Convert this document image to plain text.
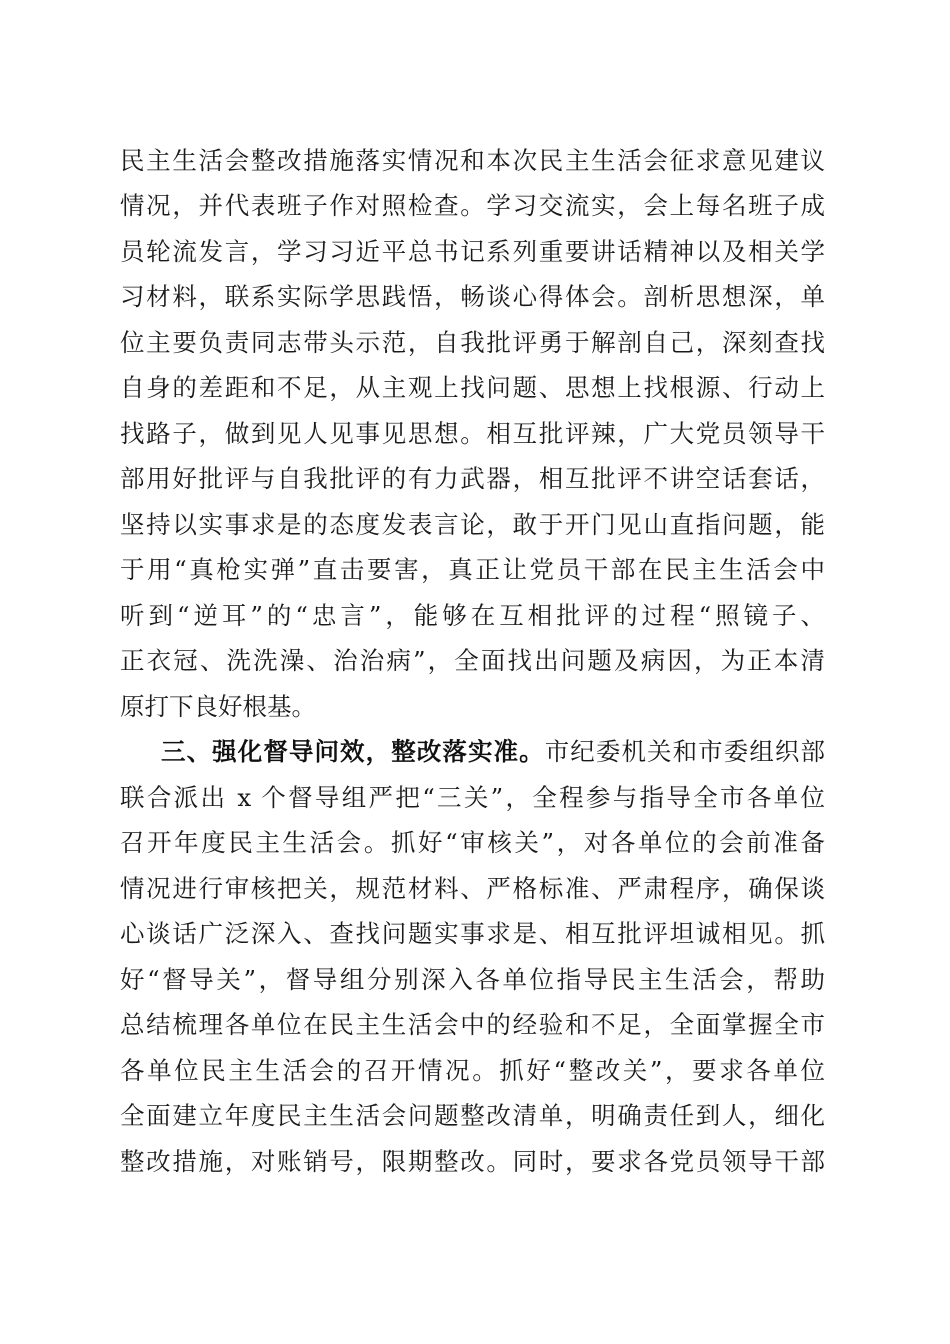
民主生活会整改措施落实情况和本次民主生活会征求意见建议
情况，并代表班子作对照检查。学习交流实，会上每名班子成
员轮流发言，学习习近平总书记系列重要讲话精神以及相关学
习材料，联系实际学思践悟，畅谈心得体会。剖析思想深，单
位主要负责同志带头示范，自我批评勇于解剖自己，深刻查找
自身的差距和不足，从主观上找问题、思想上找根源、行动上
找路子，做到见人见事见思想。相互批评辣，广大党员领导干
部用好批评与自我批评的有力武器，相互批评不讲空话套话，
坚持以实事求是的态度发表言论，敢于开门见山直指问题，能
于用“真枪实弹”直击要害，真正让党员干部在民主生活会中
听到“逆耳”的“忠言”，能够在互相批评的过程“照镜子、
正衣冠、洗洗澡、治治病”，全面找出问题及病因，为正本清
原打下良好根基。
三、强化督导问效，整改落实准。市纪委机关和市委组织部
联合派出 x 个督导组严把“三关”，全程参与指导全市各单位
召开年度民主生活会。抓好“审核关”，对各单位的会前准备
情况进行审核把关，规范材料、严格标准、严肃程序，确保谈
心谈话广泛深入、查找问题实事求是、相互批评坦诚相见。抓
好“督导关”，督导组分别深入各单位指导民主生活会，帮助
总结梳理各单位在民主生活会中的经验和不足，全面掌握全市
各单位民主生活会的召开情况。抓好“整改关”，要求各单位
全面建立年度民主生活会问题整改清单，明确责任到人，细化
整改措施，对账销号，限期整改。同时，要求各党员领导干部
